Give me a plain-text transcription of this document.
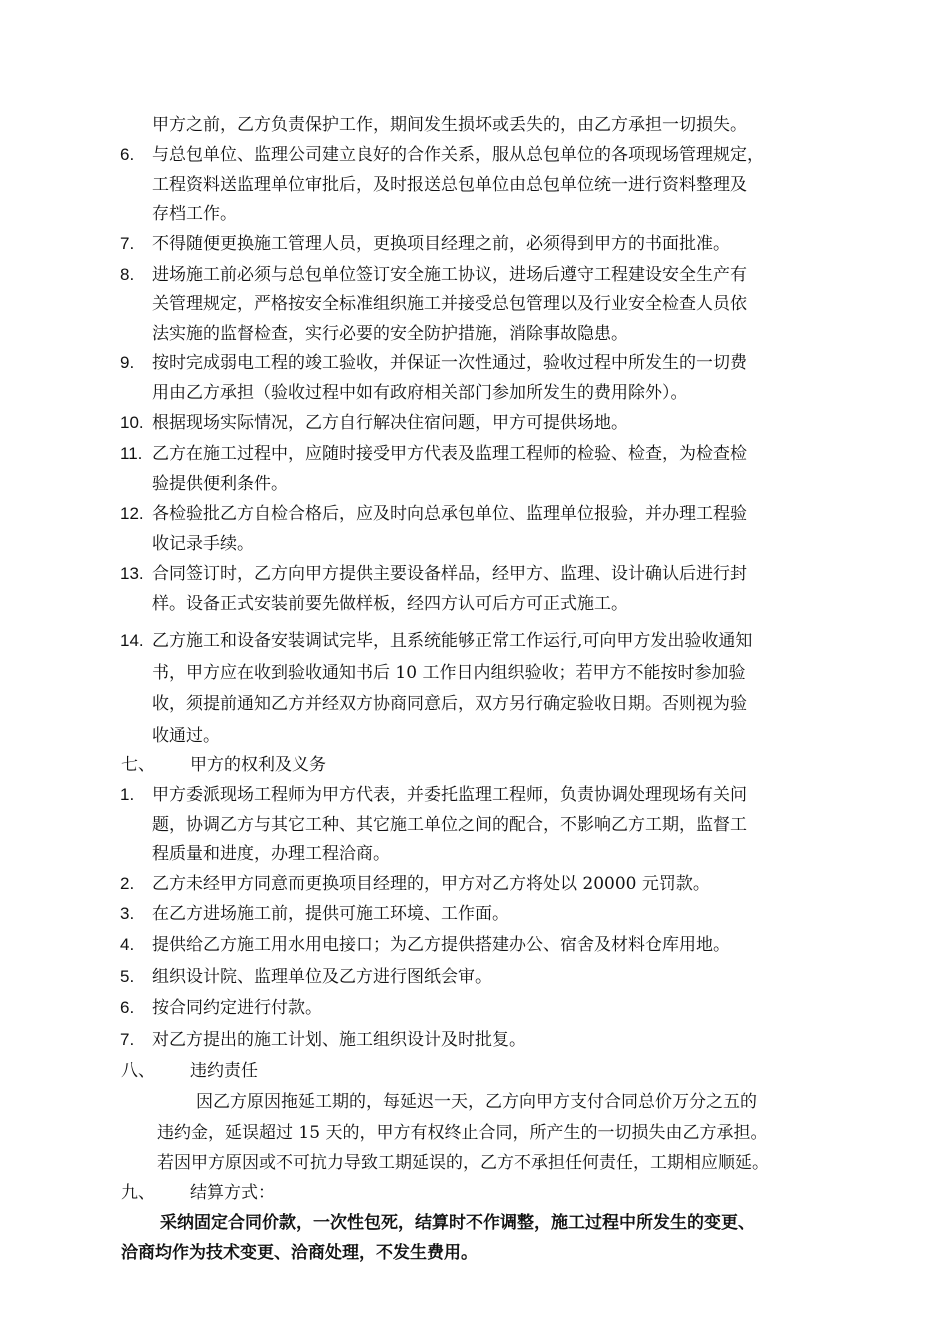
6.
7.
8.
9.
10.
11.
12.
13.
14.
1.
2.
3.
4.
5.
6.
7.
甲方之前，乙方负责保护工作，期间发生损坏或丢失的，由乙方承担一切损失。
与总包单位、监理公司建立良好的合作关系，服从总包单位的各项现场管理规定，
工程资料送监理单位审批后，及时报送总包单位由总包单位统一进行资料整理及
存档工作。
不得随便更换施工管理人员，更换项目经理之前，必须得到甲方的书面批准。
进场施工前必须与总包单位签订安全施工协议，进场后遵守工程建设安全生产有
关管理规定，严格按安全标准组织施工并接受总包管理以及行业安全检查人员依
法实施的监督检查，实行必要的安全防护措施，消除事故隐患。
按时完成弱电工程的竣工验收，并保证一次性通过，验收过程中所发生的一切费
用由乙方承担（验收过程中如有政府相关部门参加所发生的费用除外）。
根据现场实际情况，乙方自行解决住宿问题，甲方可提供场地。
乙方在施工过程中，应随时接受甲方代表及监理工程师的检验、检查，为检查检
验提供便利条件。
各检验批乙方自检合格后，应及时向总承包单位、监理单位报验，并办理工程验
收记录手续。
合同签订时，乙方向甲方提供主要设备样品，经甲方、监理、设计确认后进行封
样。设备正式安装前要先做样板，经四方认可后方可正式施工。
乙方施工和设备安装调试完毕，且系统能够正常工作运行,可向甲方发出验收通知
书，甲方应在收到验收通知书后 10 工作日内组织验收；若甲方不能按时参加验
收，须提前通知乙方并经双方协商同意后，双方另行确定验收日期。否则视为验
收通过。
七、 甲方的权利及义务
甲方委派现场工程师为甲方代表，并委托监理工程师，负责协调处理现场有关问
题，协调乙方与其它工种、其它施工单位之间的配合，不影响乙方工期，监督工
程质量和进度，办理工程洽商。
乙方未经甲方同意而更换项目经理的，甲方对乙方将处以 20000 元罚款。
在乙方进场施工前，提供可施工环境、工作面。
提供给乙方施工用水用电接口；为乙方提供搭建办公、宿舍及材料仓库用地。
组织设计院、监理单位及乙方进行图纸会审。
按合同约定进行付款。
对乙方提出的施工计划、施工组织设计及时批复。
八、 违约责任
因乙方原因拖延工期的，每延迟一天，乙方向甲方支付合同总价万分之五的
违约金，延误超过 15 天的，甲方有权终止合同，所产生的一切损失由乙方承担。
若因甲方原因或不可抗力导致工期延误的，乙方不承担任何责任，工期相应顺延。
九、 结算方式：
采纳固定合同价款，一次性包死，结算时不作调整，施工过程中所发生的变更、
洽商均作为技术变更、洽商处理，不发生费用。
